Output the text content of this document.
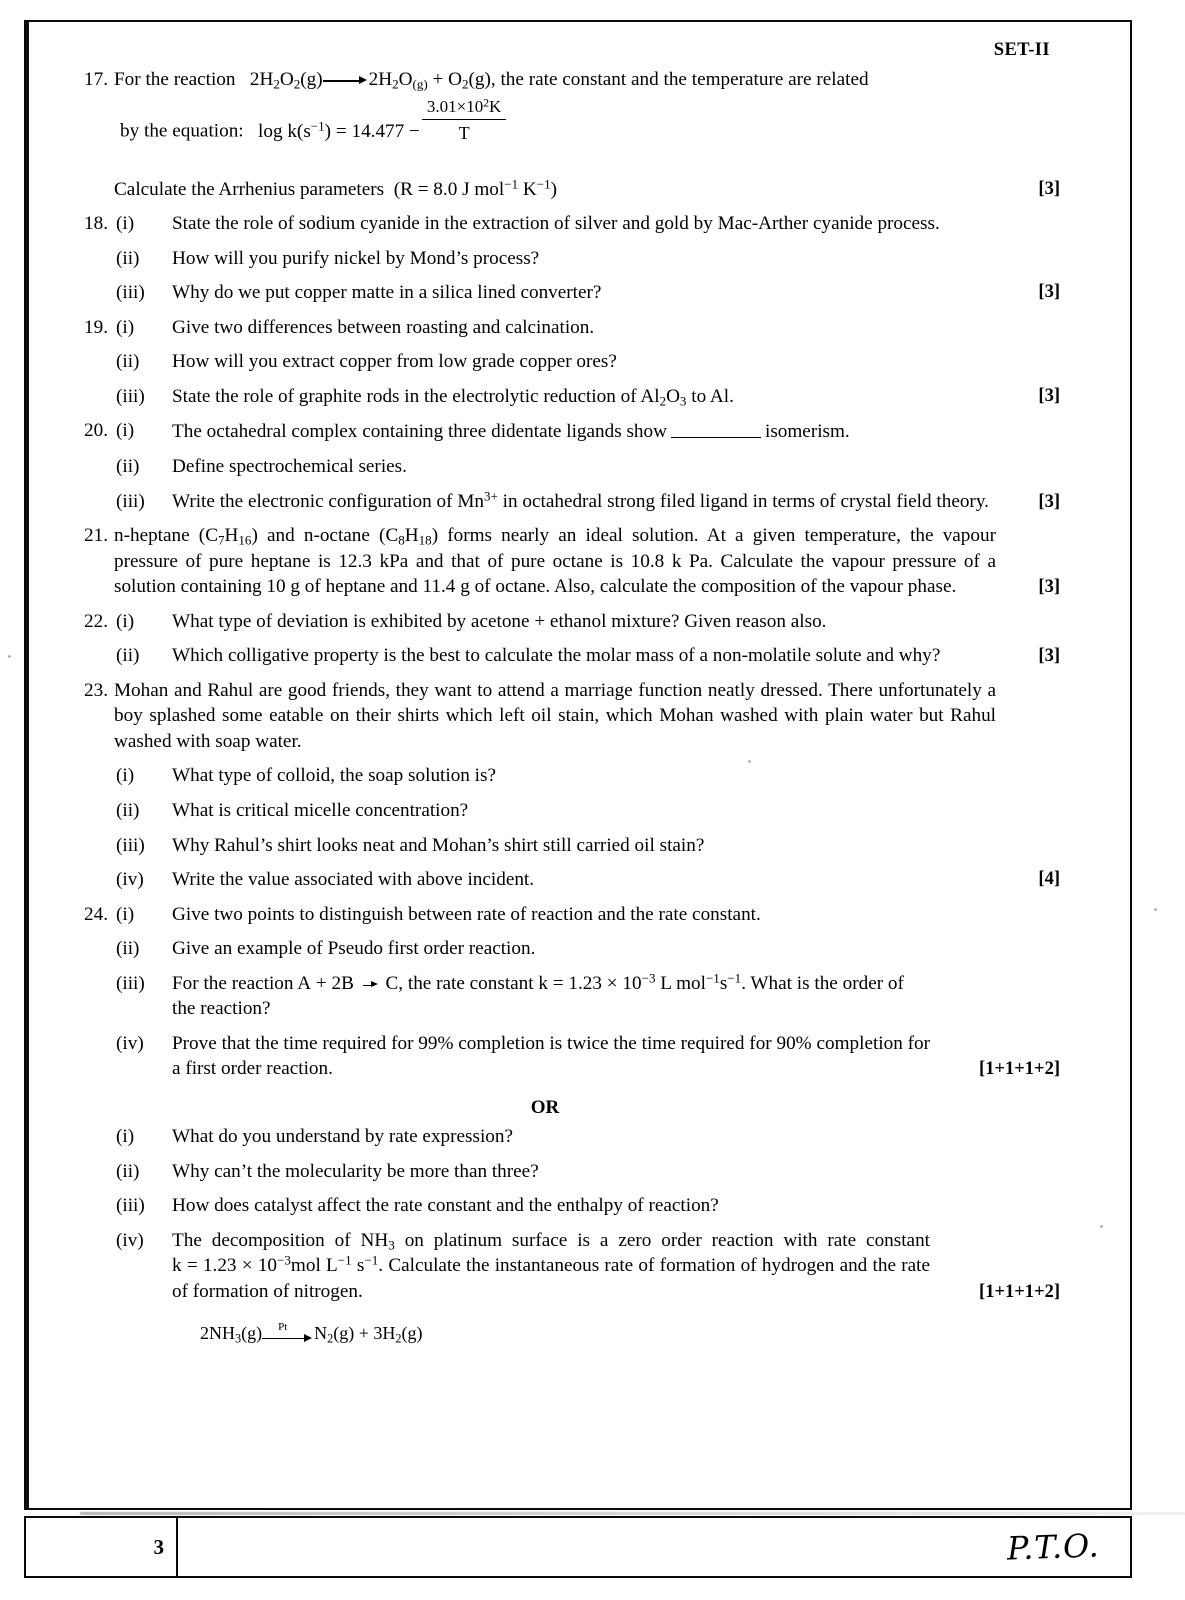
SET-II
17. For the reaction   $2H_2O_2(g) 2H_2O_{(g)} + O_2(g)$, the rate constant and the temperature are related
by the equation: $\log k(s^{-1}) = 14.477 - \frac{3.01\times 10^2K}{T}$
Calculate the Arrhenius parameters  (R = 8.0 J mol$^{-1}$ $K^{-1}$)	[3]
18. (i)	State the role of sodium cyanide in the extraction of silver and gold by Mac-Arther cyanide process.
(ii)	How will you purify nickel by Mond’s process?
(iii)	Why do we put copper matte in a silica lined converter?	[3]
19. (i)	Give two differences between roasting and calcination.
(ii)	How will you extract copper from low grade copper ores?
(iii)	State the role of graphite rods in the electrolytic reduction of $Al_2O_3$ to Al.	[3]
20. (i)	The octahedral complex containing three didentate ligands show	isomerism.
(ii)	Define spectrochemical series.
(iii)	Write the electronic configuration of $Mn^{3+}$ in octahedral strong filed ligand in terms of crystal field theory.	[3]
21. n-heptane $(C_7H_{16})$ and n-octane $(C_8H_{18})$ forms nearly an ideal solution. At a given temperature, the vapour pressure of pure heptane is 12.3 kPa and that of pure octane is 10.8 k Pa. Calculate the vapour pressure of a solution containing 10 g of heptane and 11.4 g of octane. Also, calculate the composition of the vapour phase.	[3]
22. (i)	What type of deviation is exhibited by acetone + ethanol mixture? Given reason also.
(ii)	Which colligative property is the best to calculate the molar mass of a non-molatile solute and why?	[3]
23. Mohan and Rahul are good friends, they want to attend a marriage function neatly dressed. There unfortunately a boy splashed some eatable on their shirts which left oil stain, which Mohan washed with plain water but Rahul washed with soap water.
(i)	What type of colloid, the soap solution is?
(ii)	What is critical micelle concentration?
(iii)	Why Rahul’s shirt looks neat and Mohan’s shirt still carried oil stain?
(iv)	Write the value associated with above incident.	[4]
24. (i)	Give two points to distinguish between rate of reaction and the rate constant.
(ii)	Give an example of Pseudo first order reaction.
(iii)	For the reaction A + 2B  C, the rate constant $k = 1.23 \times 10^{-3}$ L $mol^{-1}s^{-1}$. What is the order of the reaction?
(iv)	Prove that the time required for 99% completion is twice the time required for 90% completion for a first order reaction.	[1+1+1+2]
OR
(i)	What do you understand by rate expression?
(ii)	Why can’t the molecularity be more than three?
(iii)	How does catalyst affect the rate constant and the enthalpy of reaction?
(iv)	The decomposition of $NH_3$ on platinum surface is a zero order reaction with rate constant $k = 1.23 \times 10^{-3}mol$ $L^{-1}$ $s^{-1}$. Calculate the instantaneous rate of formation of hydrogen and the rate of formation of nitrogen.	[1+1+1+2]
$2NH_3(g)$ Pt $N_2(g) + 3H_2(g)$
3	P.T.O.
